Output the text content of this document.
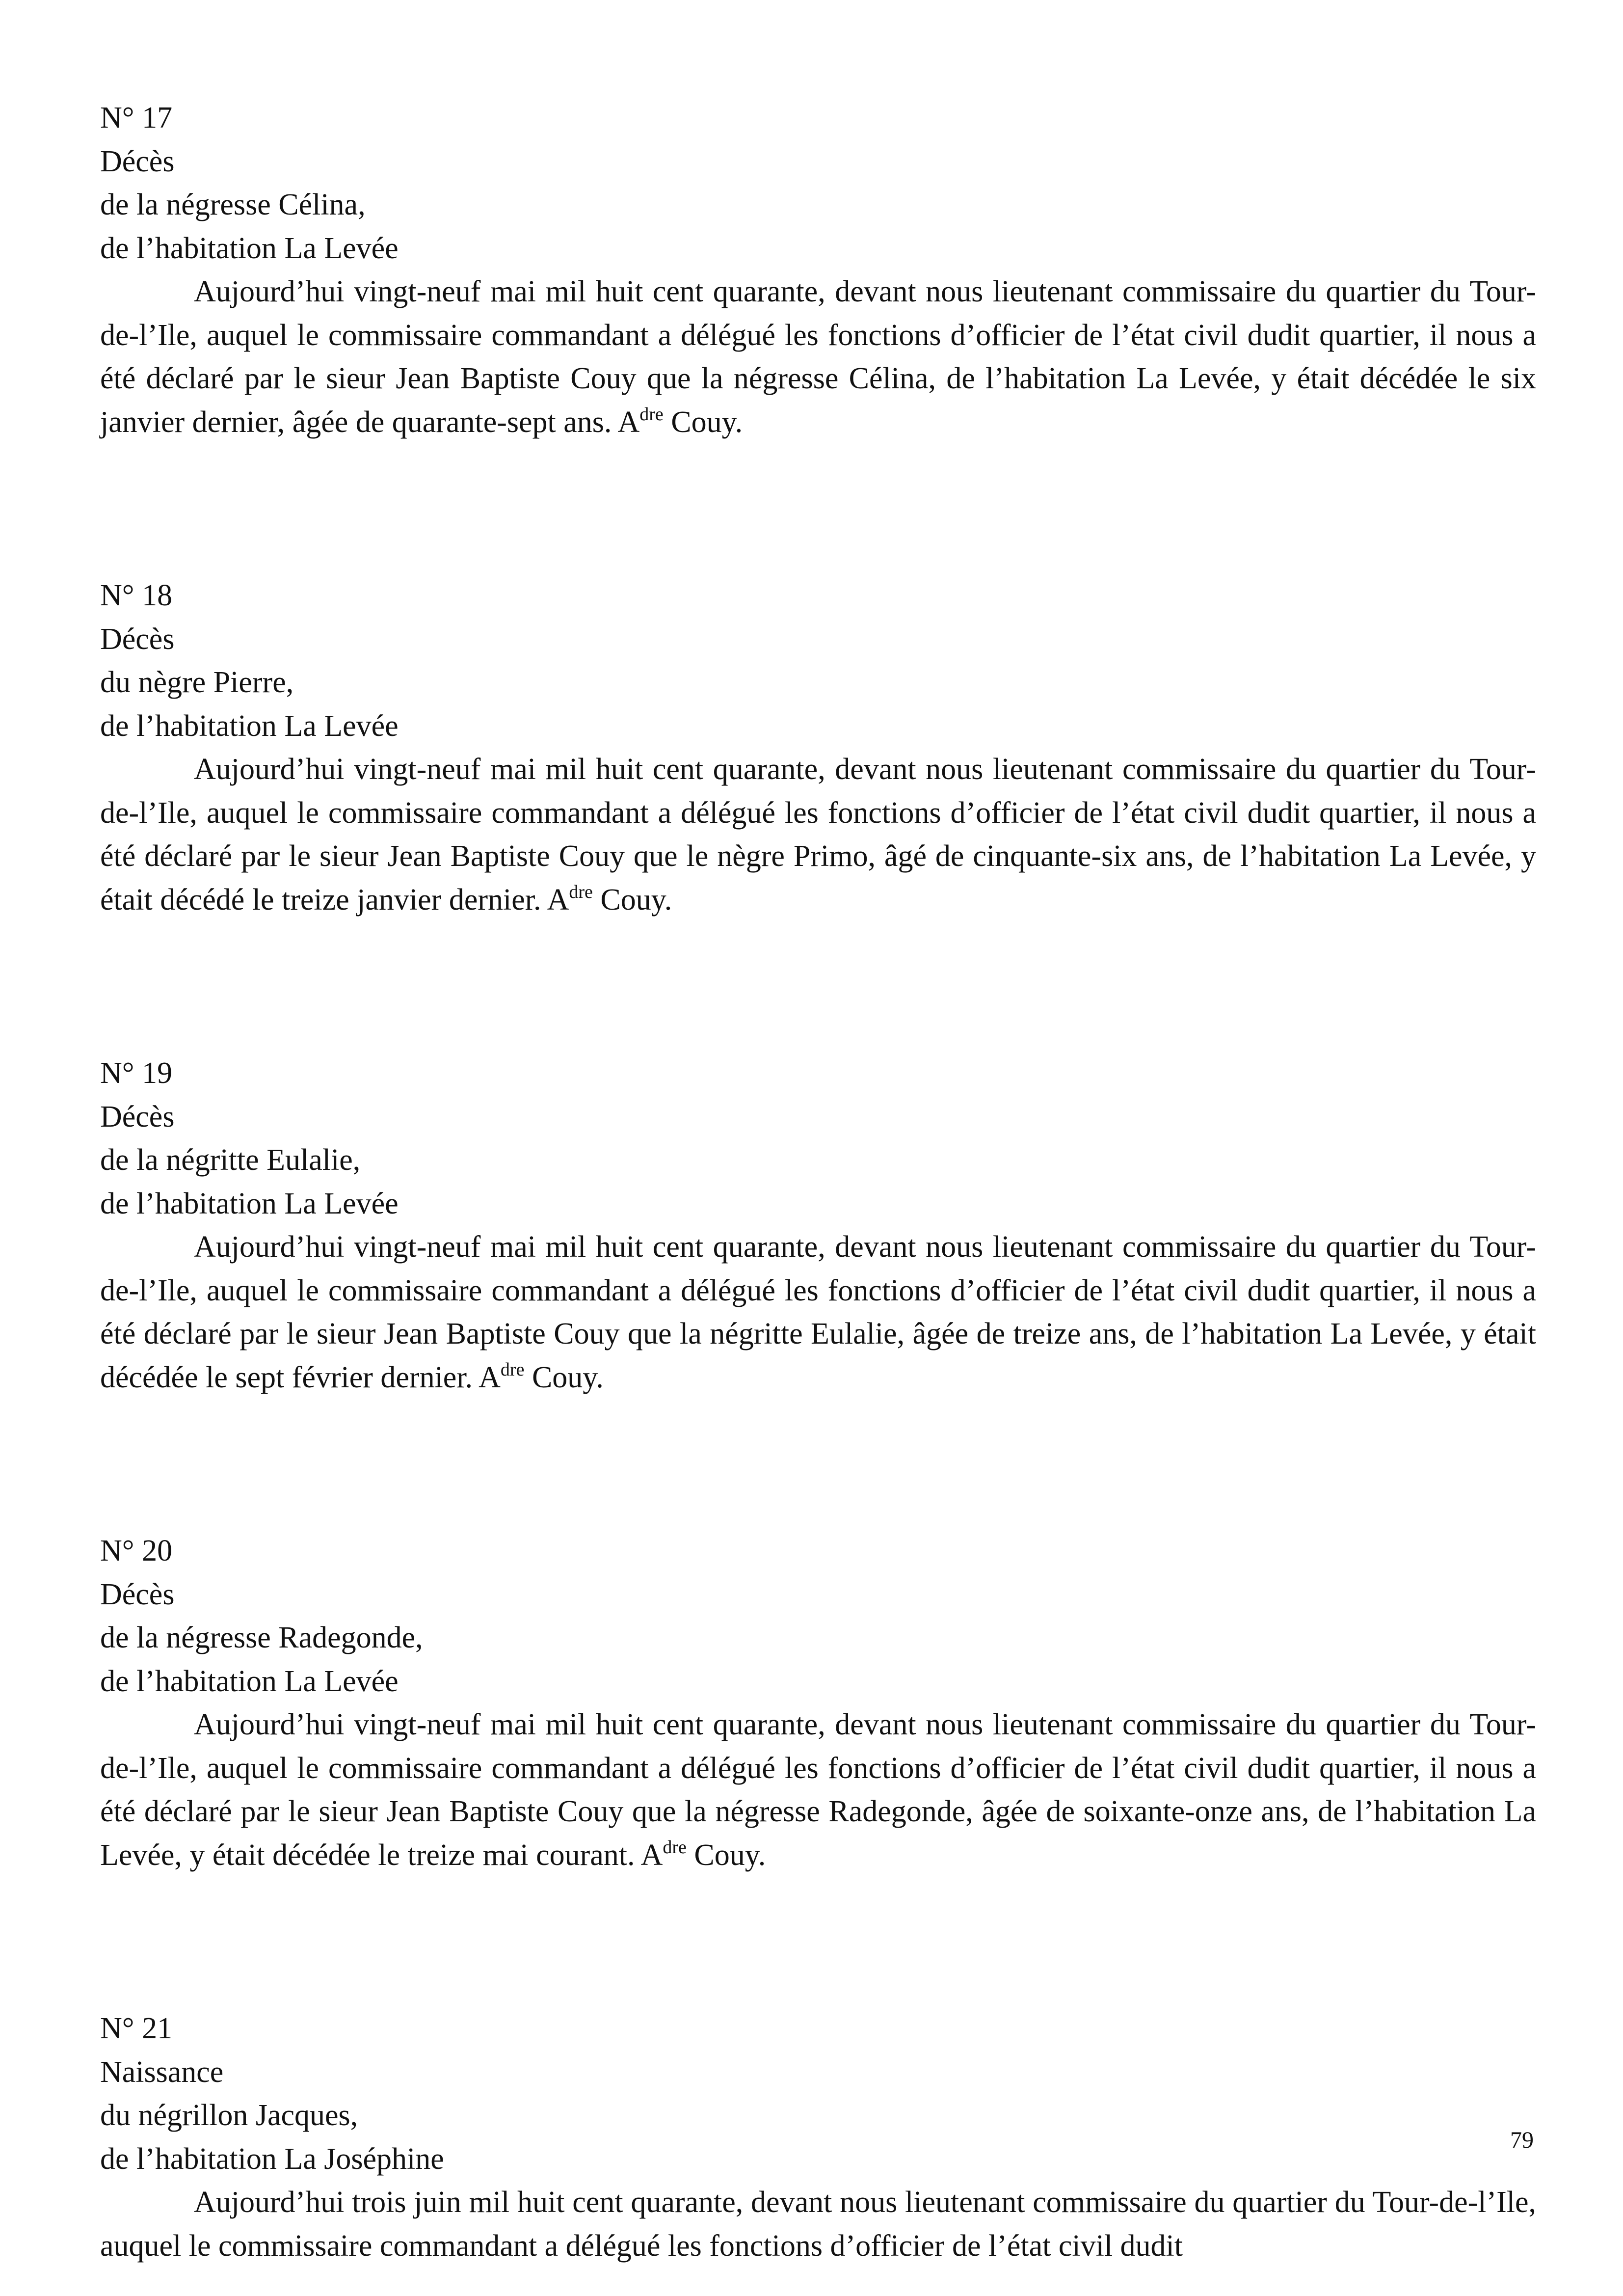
N° 17
Décès
de la négresse Célina,
de l’habitation La Levée
Aujourd’hui vingt-neuf mai mil huit cent quarante, devant nous lieutenant commissaire du quartier du Tour-de-l’Ile, auquel le commissaire commandant a délégué les fonctions d’officier de l’état civil dudit quartier, il nous a été déclaré par le sieur Jean Baptiste Couy que la négresse Célina, de l’habitation La Levée, y était décédée le six janvier dernier, âgée de quarante-sept ans. $A^{dre}$ Couy.
N° 18
Décès
du nègre Pierre,
de l’habitation La Levée
Aujourd’hui vingt-neuf mai mil huit cent quarante, devant nous lieutenant commissaire du quartier du Tour-de-l’Ile, auquel le commissaire commandant a délégué les fonctions d’officier de l’état civil dudit quartier, il nous a été déclaré par le sieur Jean Baptiste Couy que le nègre Primo, âgé de cinquante-six ans, de l’habitation La Levée, y était décédé le treize janvier dernier. $A^{dre}$ Couy.
N° 19
Décès
de la négritte Eulalie,
de l’habitation La Levée
Aujourd’hui vingt-neuf mai mil huit cent quarante, devant nous lieutenant commissaire du quartier du Tour-de-l’Ile, auquel le commissaire commandant a délégué les fonctions d’officier de l’état civil dudit quartier, il nous a été déclaré par le sieur Jean Baptiste Couy que la négritte Eulalie, âgée de treize ans, de l’habitation La Levée, y était décédée le sept février dernier. $A^{dre}$ Couy.
N° 20
Décès
de la négresse Radegonde,
de l’habitation La Levée
Aujourd’hui vingt-neuf mai mil huit cent quarante, devant nous lieutenant commissaire du quartier du Tour-de-l’Ile, auquel le commissaire commandant a délégué les fonctions d’officier de l’état civil dudit quartier, il nous a été déclaré par le sieur Jean Baptiste Couy que la négresse Radegonde, âgée de soixante-onze ans, de l’habitation La Levée, y était décédée le treize mai courant. $A^{dre}$ Couy.
N° 21
Naissance
du négrillon Jacques,
de l’habitation La Joséphine
Aujourd’hui trois juin mil huit cent quarante, devant nous lieutenant commissaire du quartier du Tour-de-l’Ile, auquel le commissaire commandant a délégué les fonctions d’officier de l’état civil dudit
79
